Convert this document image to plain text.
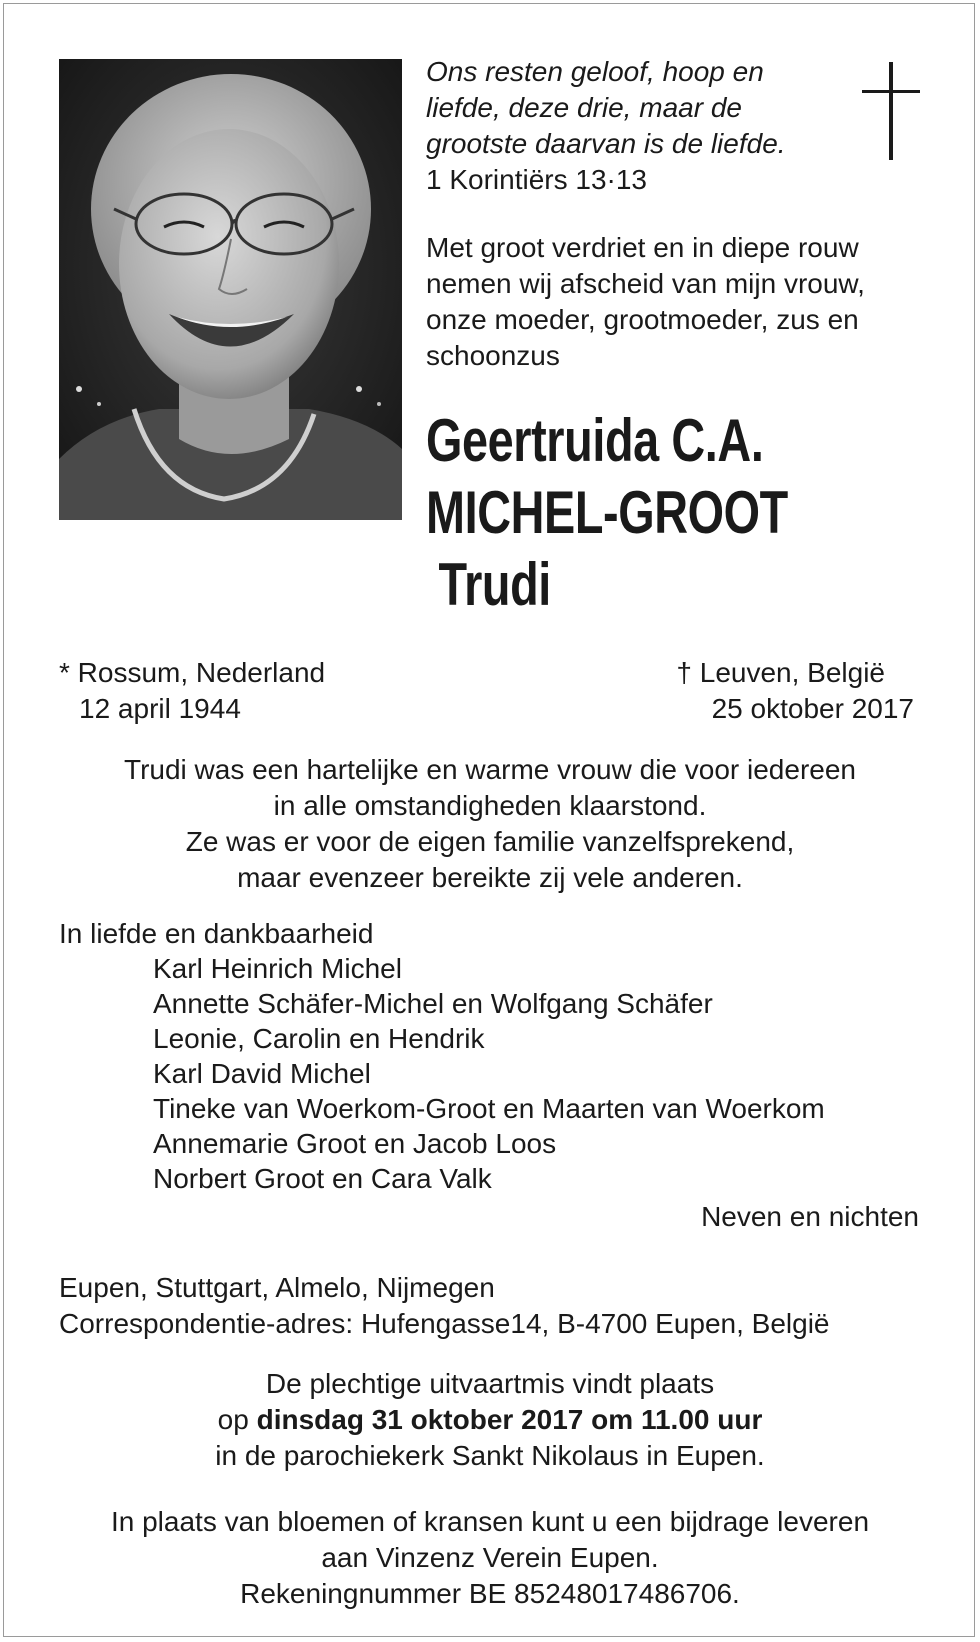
Ons resten geloof, hoop en
liefde, deze drie, maar de
grootste daarvan is de liefde.
1 Korintiërs 13·13
Met groot verdriet en in diepe rouw
nemen wij afscheid van mijn vrouw,
onze moeder, grootmoeder, zus en
schoonzus
Geertruida C.A.
MICHEL-GROOT
Trudi
* Rossum, Nederland
12 april 1944
† Leuven, België
25 oktober 2017
Trudi was een hartelijke en warme vrouw die voor iedereen
in alle omstandigheden klaarstond.
Ze was er voor de eigen familie vanzelfsprekend,
maar evenzeer bereikte zij vele anderen.
In liefde en dankbaarheid
Karl Heinrich Michel
Annette Schäfer-Michel en Wolfgang Schäfer
Leonie, Carolin en Hendrik
Karl David Michel
Tineke van Woerkom-Groot en Maarten van Woerkom
Annemarie Groot en Jacob Loos
Norbert Groot en Cara Valk
Neven en nichten
Eupen, Stuttgart, Almelo, Nijmegen
Correspondentie-adres: Hufengasse14, B-4700 Eupen, België
De plechtige uitvaartmis vindt plaats
op dinsdag 31 oktober 2017 om 11.00 uur
in de parochiekerk Sankt Nikolaus in Eupen.
In plaats van bloemen of kransen kunt u een bijdrage leveren
aan Vinzenz Verein Eupen.
Rekeningnummer BE 85248017486706.
